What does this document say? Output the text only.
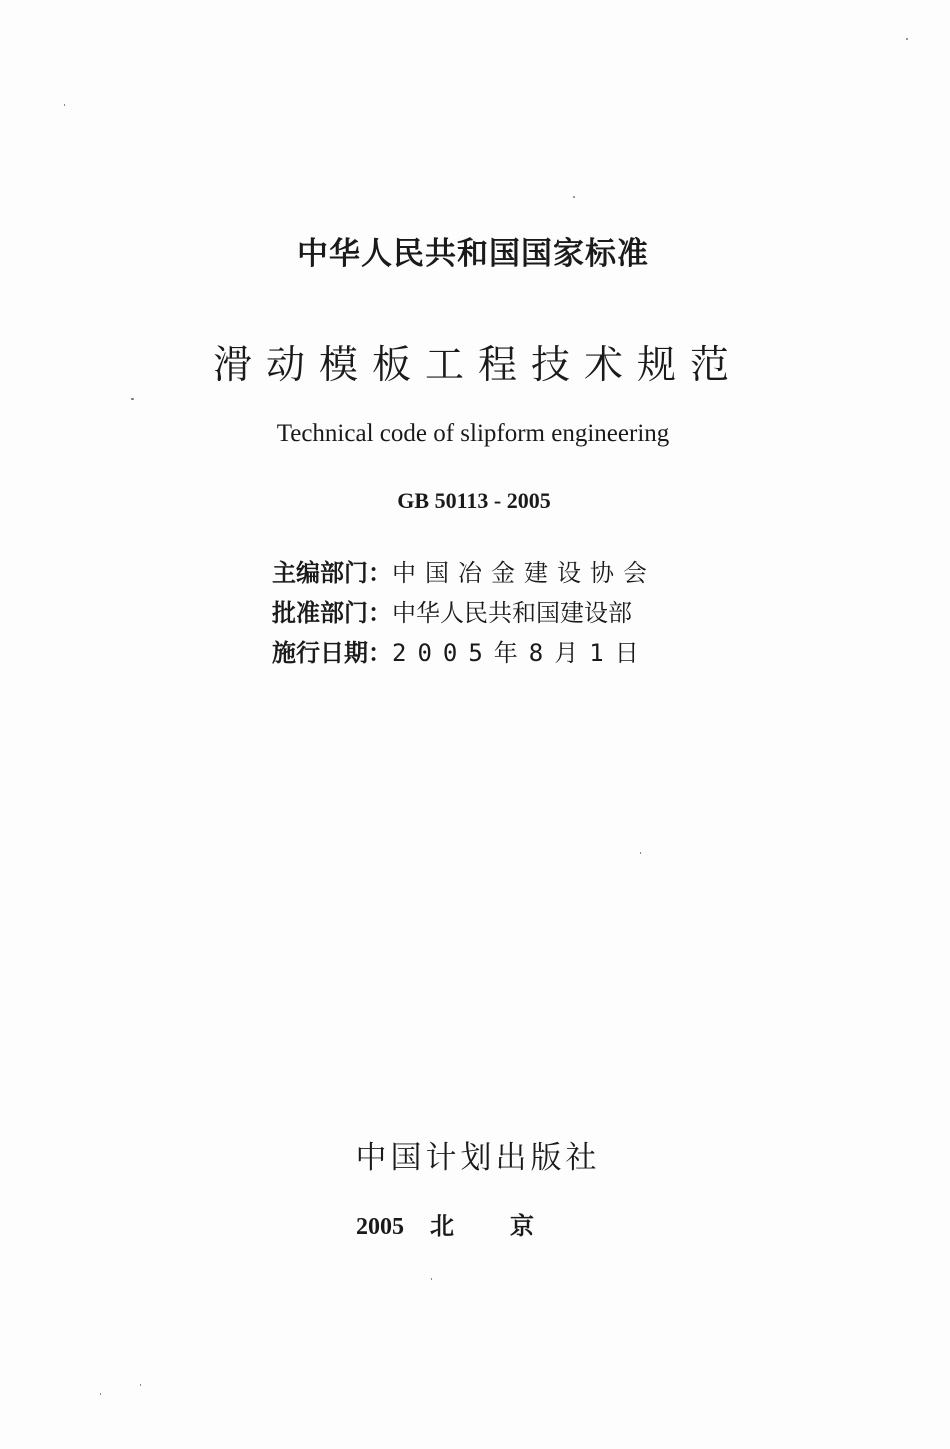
中华人民共和国国家标准
滑动模板工程技术规范
Technical code of slipform engineering
GB 50113 - 2005
主编部门： 中国冶金建设协会
批准部门： 中华人民共和国建设部
施行日期： 2005年8月1日
中国计划出版社
2005 北京
